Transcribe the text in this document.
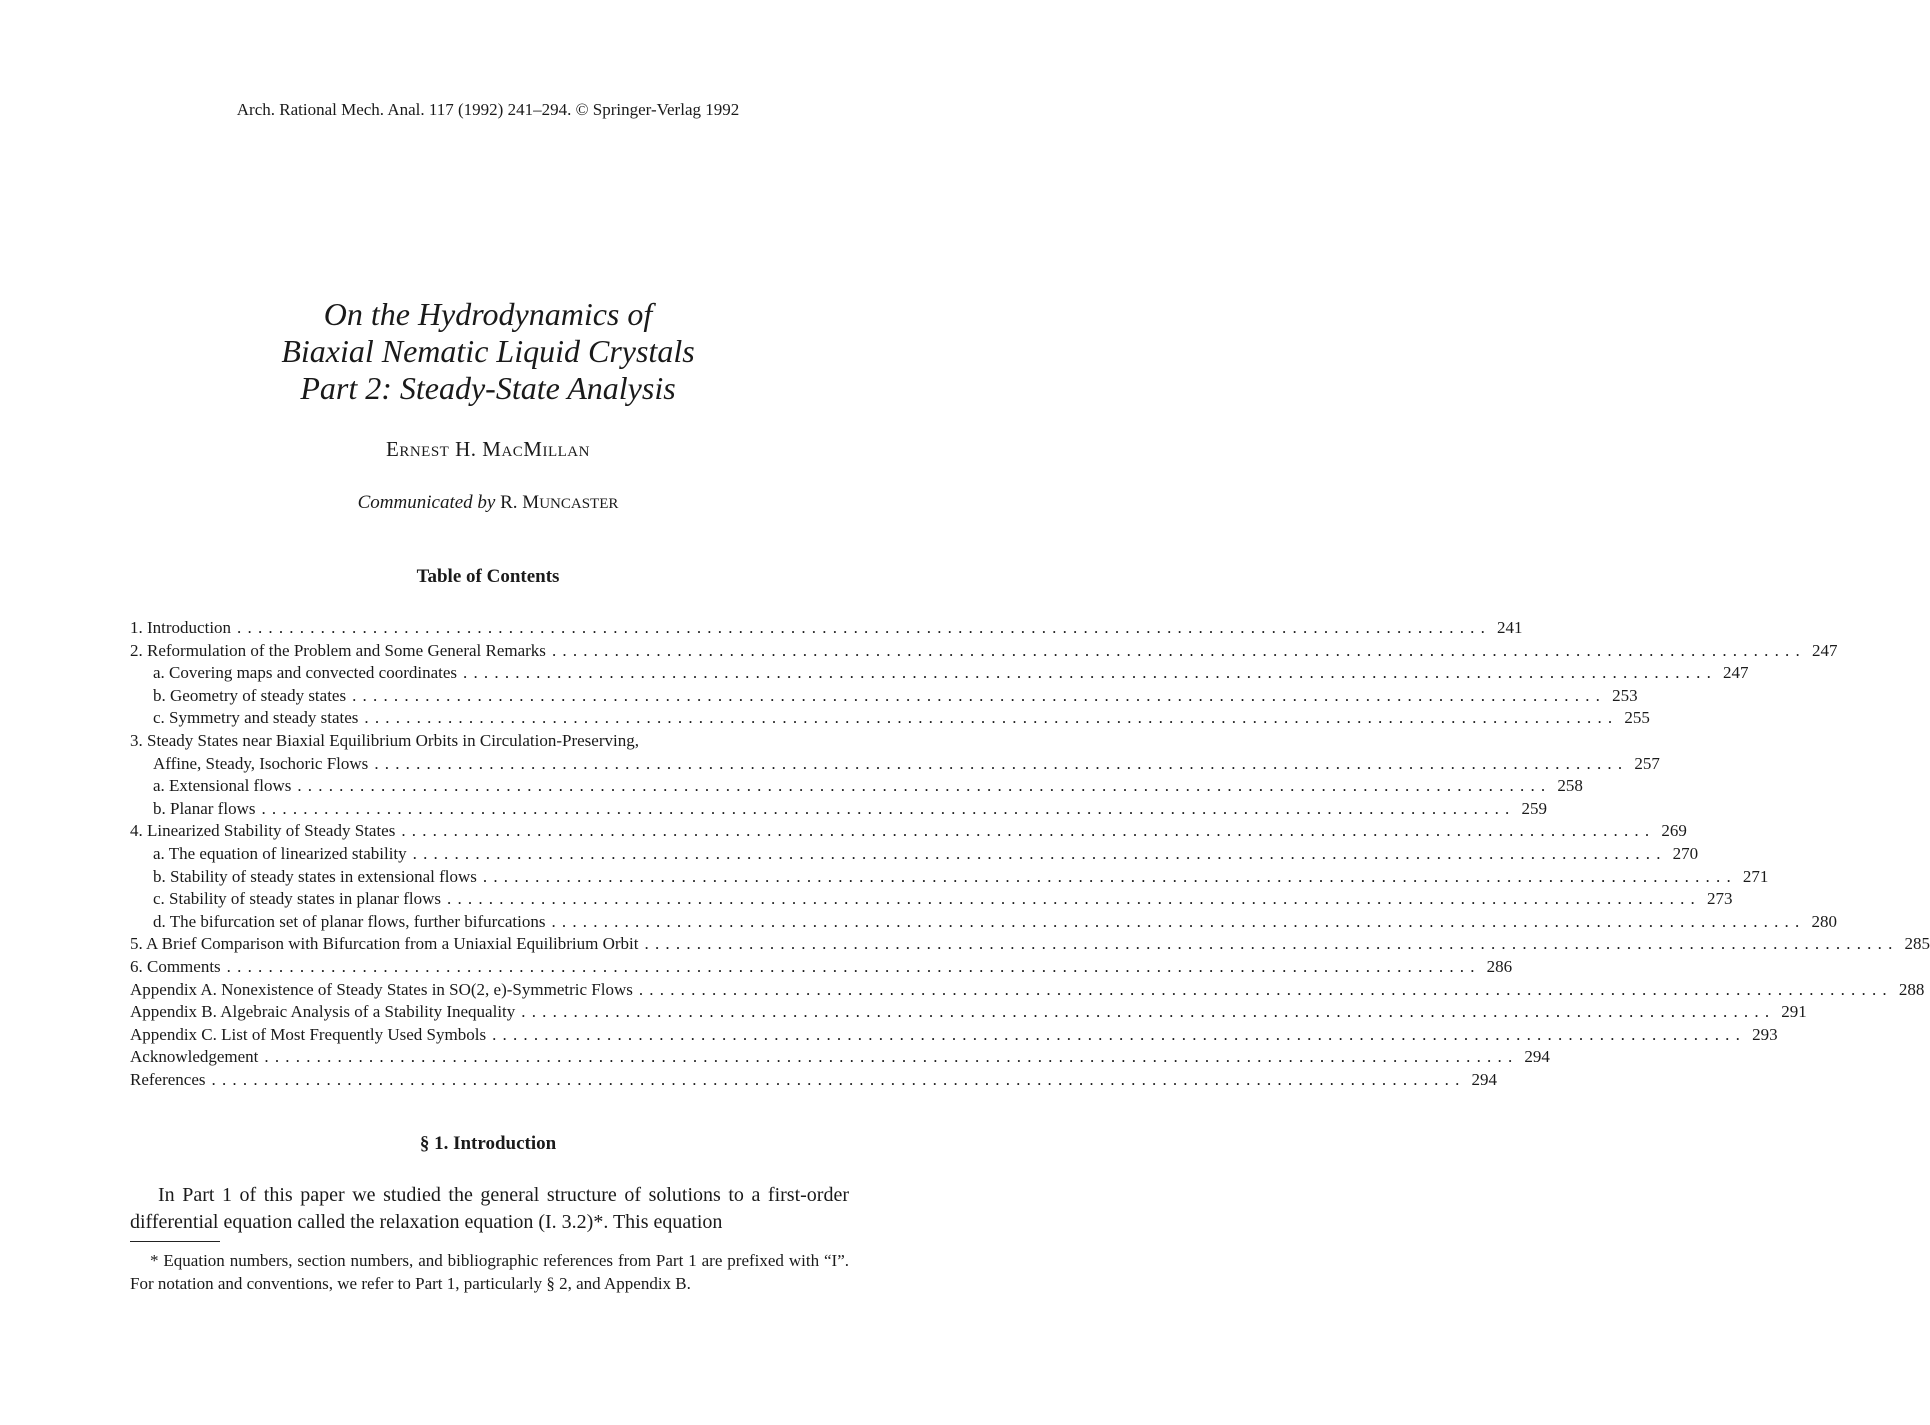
Arch. Rational Mech. Anal. 117 (1992) 241–294. © Springer-Verlag 1992
On the Hydrodynamics of
Biaxial Nematic Liquid Crystals
Part 2: Steady-State Analysis
ERNEST H. MACMILLAN
Communicated by R. MUNCASTER
Table of Contents
1. Introduction ........................................................................................................................ 241
2. Reformulation of the Problem and Some General Remarks ........................................................................................................................ 247
a. Covering maps and convected coordinates ........................................................................................................................ 247
b. Geometry of steady states ........................................................................................................................ 253
c. Symmetry and steady states ........................................................................................................................ 255
3. Steady States near Biaxial Equilibrium Orbits in Circulation-Preserving,
Affine, Steady, Isochoric Flows ........................................................................................................................ 257
a. Extensional flows ........................................................................................................................ 258
b. Planar flows ........................................................................................................................ 259
4. Linearized Stability of Steady States ........................................................................................................................ 269
a. The equation of linearized stability ........................................................................................................................ 270
b. Stability of steady states in extensional flows ........................................................................................................................ 271
c. Stability of steady states in planar flows ........................................................................................................................ 273
d. The bifurcation set of planar flows, further bifurcations ........................................................................................................................ 280
5. A Brief Comparison with Bifurcation from a Uniaxial Equilibrium Orbit ........................................................................................................................ 285
6. Comments ........................................................................................................................ 286
Appendix A. Nonexistence of Steady States in SO(2, e)-Symmetric Flows ........................................................................................................................ 288
Appendix B. Algebraic Analysis of a Stability Inequality ........................................................................................................................ 291
Appendix C. List of Most Frequently Used Symbols ........................................................................................................................ 293
Acknowledgement ........................................................................................................................ 294
References ........................................................................................................................ 294
§ 1. Introduction

In Part 1 of this paper we studied the general structure of solutions to a first-order differential equation called the relaxation equation (I. 3.2)*. This equation

* Equation numbers, section numbers, and bibliographic references from Part 1 are prefixed with “I”. For notation and conventions, we refer to Part 1, particularly § 2, and Appendix B.
